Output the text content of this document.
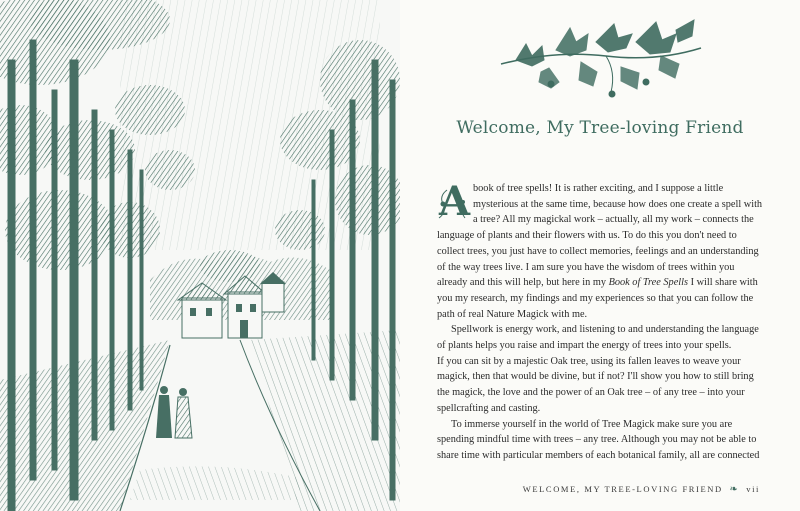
Welcome, My Tree-loving Friend

A book of tree spells! It is rather exciting, and I suppose a little mysterious at the same time, because how does one create a spell with a tree? All my magickal work – actually, all my work – connects the language of plants and their flowers with us. To do this you don't need to collect trees, you just have to collect memories, feelings and an understanding of the way trees live. I am sure you have the wisdom of trees within you already and this will help, but here in my Book of Tree Spells I will share with you my research, my findings and my experiences so that you can follow the path of real Nature Magick with me.

Spellwork is energy work, and listening to and understanding the language of plants helps you raise and impart the energy of trees into your spells.

If you can sit by a majestic Oak tree, using its fallen leaves to weave your magick, then that would be divine, but if not? I'll show you how to still bring the magick, the love and the power of an Oak tree – of any tree – into your spellcrafting and casting.

To immerse yourself in the world of Tree Magick make sure you are spending mindful time with trees – any tree. Although you may not be able to share time with particular members of each botanical family, all are connected

WELCOME, MY TREE-LOVING FRIEND ❧ vii
